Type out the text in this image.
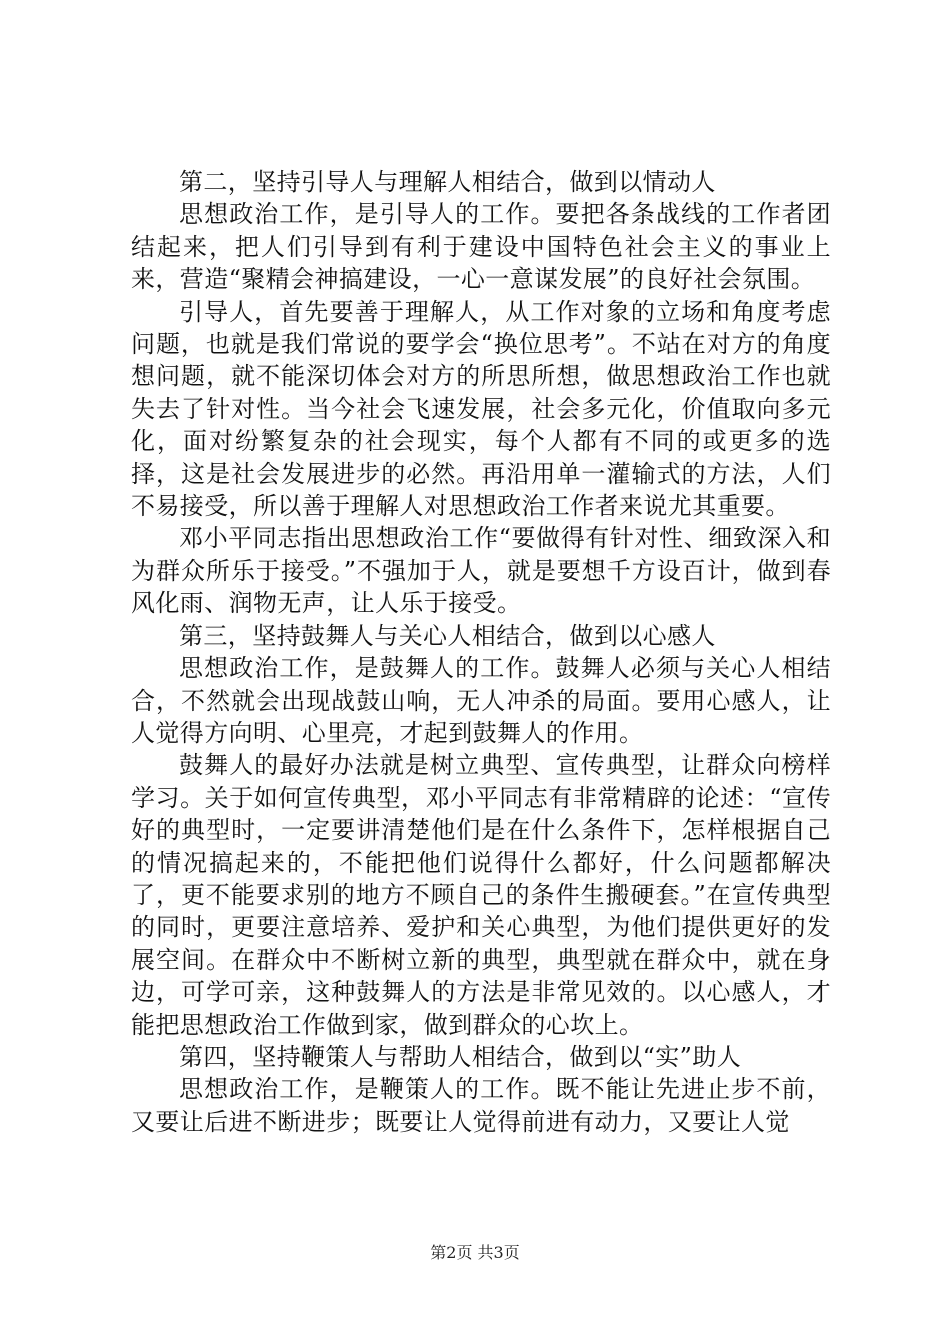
第二，坚持引导人与理解人相结合，做到以情动人

思想政治工作，是引导人的工作。要把各条战线的工作者团结起来，把人们引导到有利于建设中国特色社会主义的事业上来，营造“聚精会神搞建设，一心一意谋发展”的良好社会氛围。

引导人，首先要善于理解人，从工作对象的立场和角度考虑问题，也就是我们常说的要学会“换位思考”。不站在对方的角度想问题，就不能深切体会对方的所思所想，做思想政治工作也就失去了针对性。当今社会飞速发展，社会多元化，价值取向多元化，面对纷繁复杂的社会现实，每个人都有不同的或更多的选择，这是社会发展进步的必然。再沿用单一灌输式的方法，人们不易接受，所以善于理解人对思想政治工作者来说尤其重要。

邓小平同志指出思想政治工作“要做得有针对性、细致深入和为群众所乐于接受。”不强加于人，就是要想千方设百计，做到春风化雨、润物无声，让人乐于接受。

第三，坚持鼓舞人与关心人相结合，做到以心感人

思想政治工作，是鼓舞人的工作。鼓舞人必须与关心人相结合，不然就会出现战鼓山响，无人冲杀的局面。要用心感人，让人觉得方向明、心里亮，才起到鼓舞人的作用。

鼓舞人的最好办法就是树立典型、宣传典型，让群众向榜样学习。关于如何宣传典型，邓小平同志有非常精辟的论述：“宣传好的典型时，一定要讲清楚他们是在什么条件下，怎样根据自己的情况搞起来的，不能把他们说得什么都好，什么问题都解决了，更不能要求别的地方不顾自己的条件生搬硬套。”在宣传典型的同时，更要注意培养、爱护和关心典型，为他们提供更好的发展空间。在群众中不断树立新的典型，典型就在群众中，就在身边，可学可亲，这种鼓舞人的方法是非常见效的。以心感人，才能把思想政治工作做到家，做到群众的心坎上。

第四，坚持鞭策人与帮助人相结合，做到以“实”助人

思想政治工作，是鞭策人的工作。既不能让先进止步不前，又要让后进不断进步；既要让人觉得前进有动力，又要让人觉

第2页 共3页
